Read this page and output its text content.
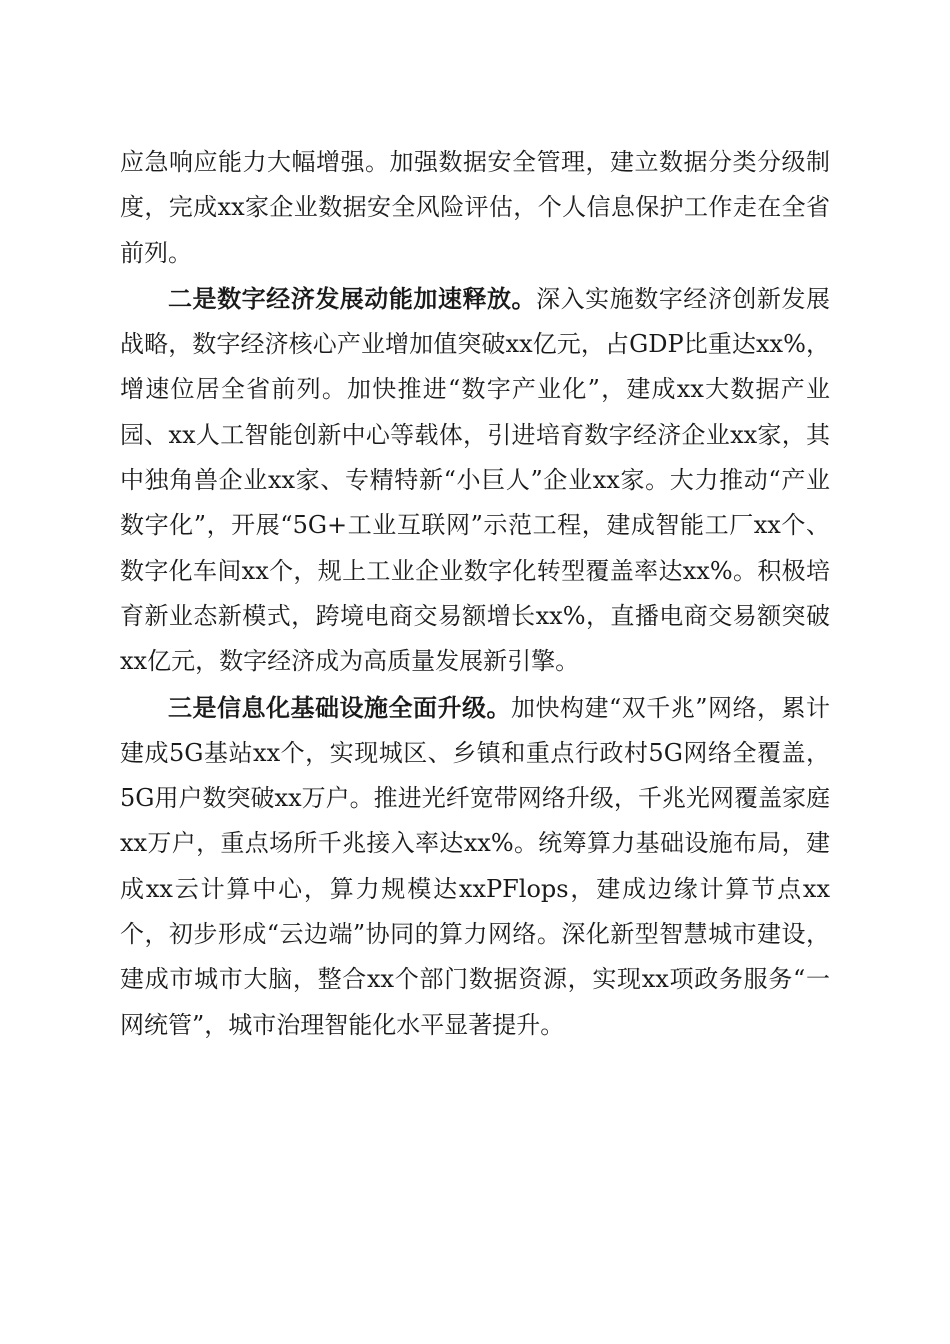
应急响应能力大幅增强。加强数据安全管理，建立数据分类分级制度，完成xx家企业数据安全风险评估，个人信息保护工作走在全省前列。

二是数字经济发展动能加速释放。深入实施数字经济创新发展战略，数字经济核心产业增加值突破xx亿元，占GDP比重达xx%，增速位居全省前列。加快推进“数字产业化”，建成xx大数据产业园、xx人工智能创新中心等载体，引进培育数字经济企业xx家，其中独角兽企业xx家、专精特新“小巨人”企业xx家。大力推动“产业数字化”，开展“5G+工业互联网”示范工程，建成智能工厂xx个、数字化车间xx个，规上工业企业数字化转型覆盖率达xx%。积极培育新业态新模式，跨境电商交易额增长xx%，直播电商交易额突破xx亿元，数字经济成为高质量发展新引擎。

三是信息化基础设施全面升级。加快构建“双千兆”网络，累计建成5G基站xx个，实现城区、乡镇和重点行政村5G网络全覆盖，5G用户数突破xx万户。推进光纤宽带网络升级，千兆光网覆盖家庭xx万户，重点场所千兆接入率达xx%。统筹算力基础设施布局，建成xx云计算中心，算力规模达xxPFlops，建成边缘计算节点xx个，初步形成“云边端”协同的算力网络。深化新型智慧城市建设，建成市城市大脑，整合xx个部门数据资源，实现xx项政务服务“一网统管”，城市治理智能化水平显著提升。
